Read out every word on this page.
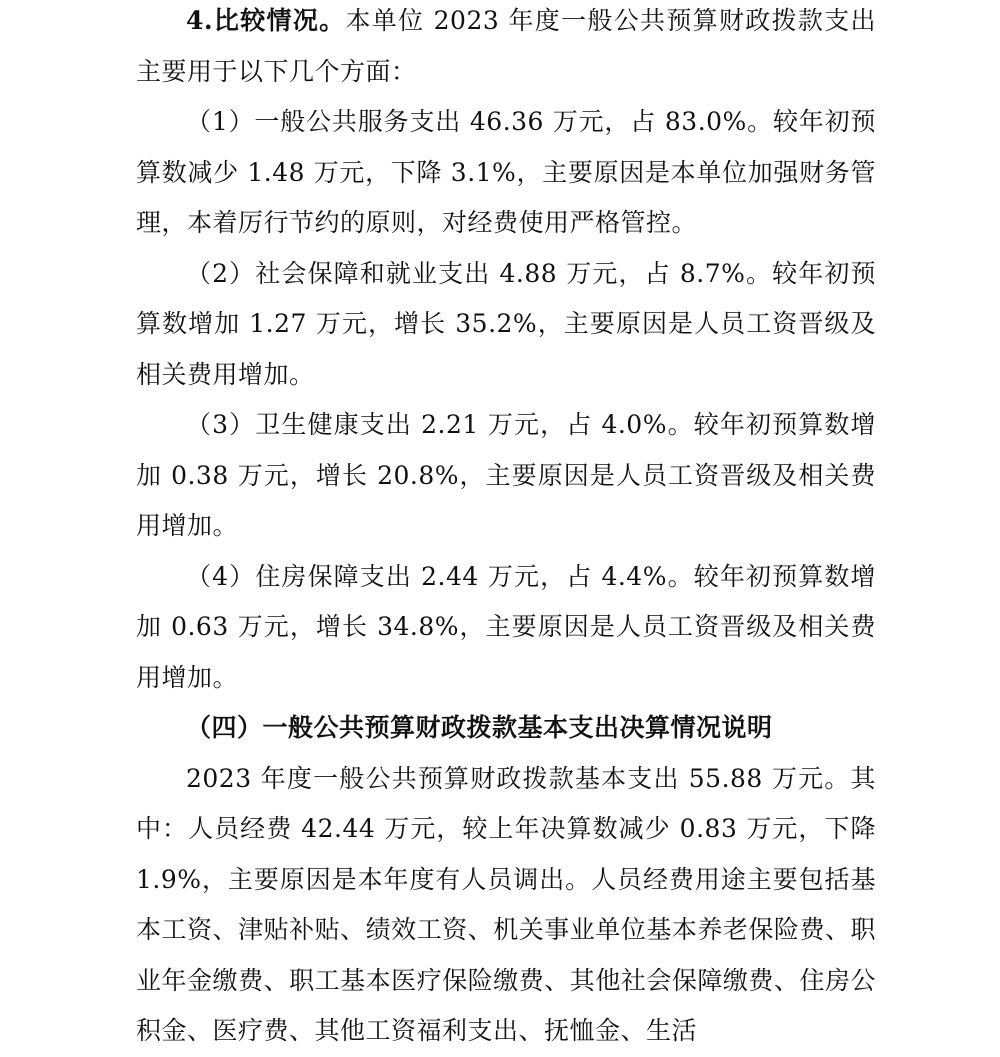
4.比较情况。本单位 2023 年度一般公共预算财政拨款支出主要用于以下几个方面：

（1）一般公共服务支出 46.36 万元，占 83.0%。较年初预算数减少 1.48 万元，下降 3.1%，主要原因是本单位加强财务管理，本着厉行节约的原则，对经费使用严格管控。

（2）社会保障和就业支出 4.88 万元，占 8.7%。较年初预算数增加 1.27 万元，增长 35.2%，主要原因是人员工资晋级及相关费用增加。

（3）卫生健康支出 2.21 万元，占 4.0%。较年初预算数增加 0.38 万元，增长 20.8%，主要原因是人员工资晋级及相关费用增加。

（4）住房保障支出 2.44 万元，占 4.4%。较年初预算数增加 0.63 万元，增长 34.8%，主要原因是人员工资晋级及相关费用增加。

（四）一般公共预算财政拨款基本支出决算情况说明

2023 年度一般公共预算财政拨款基本支出 55.88 万元。其中：人员经费 42.44 万元，较上年决算数减少 0.83 万元，下降 1.9%，主要原因是本年度有人员调出。人员经费用途主要包括基本工资、津贴补贴、绩效工资、机关事业单位基本养老保险费、职业年金缴费、职工基本医疗保险缴费、其他社会保障缴费、住房公积金、医疗费、其他工资福利支出、抚恤金、生活
